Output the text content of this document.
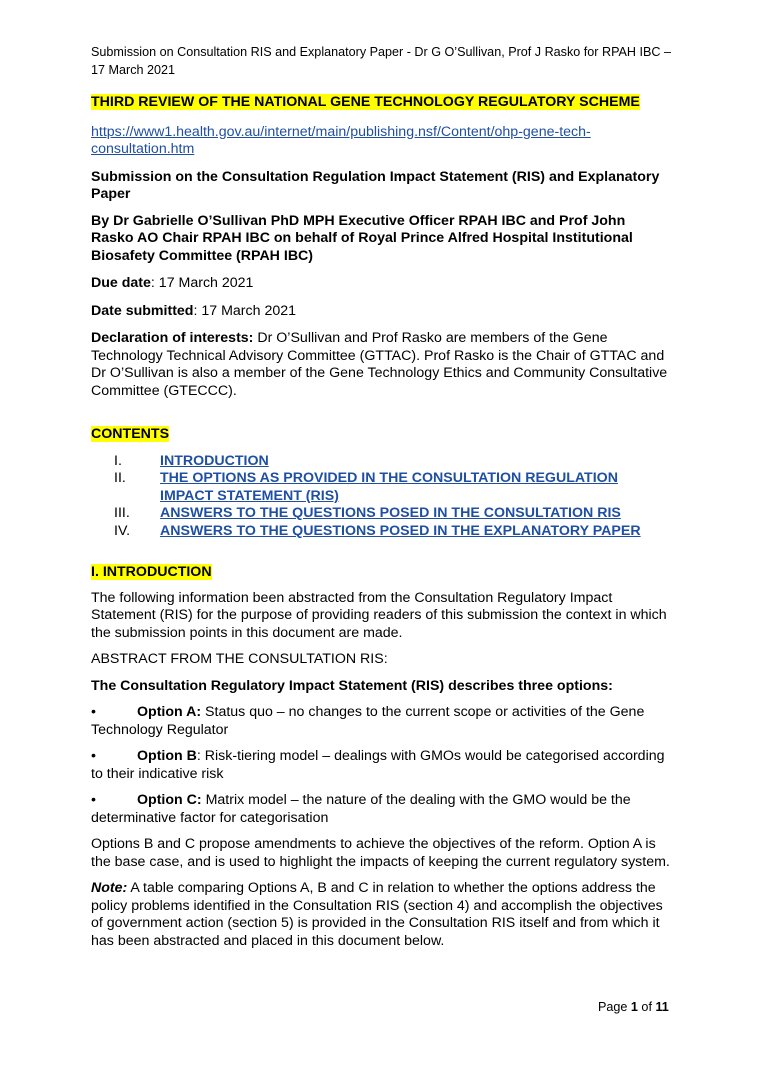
Submission on Consultation RIS and Explanatory Paper - Dr G O’Sullivan, Prof J Rasko for RPAH IBC –
17 March 2021

THIRD REVIEW OF THE NATIONAL GENE TECHNOLOGY REGULATORY SCHEME

https://www1.health.gov.au/internet/main/publishing.nsf/Content/ohp-gene-tech-
consultation.htm

Submission on the Consultation Regulation Impact Statement (RIS) and Explanatory Paper

By Dr Gabrielle O’Sullivan PhD MPH Executive Officer RPAH IBC and Prof John Rasko AO Chair RPAH IBC on behalf of Royal Prince Alfred Hospital Institutional Biosafety Committee (RPAH IBC)

Due date: 17 March 2021

Date submitted: 17 March 2021

Declaration of interests: Dr O’Sullivan and Prof Rasko are members of the Gene Technology Technical Advisory Committee (GTTAC). Prof Rasko is the Chair of GTTAC and Dr O’Sullivan is also a member of the Gene Technology Ethics and Community Consultative Committee (GTECCC).

CONTENTS

I.	INTRODUCTION
II.	THE OPTIONS AS PROVIDED IN THE CONSULTATION REGULATION
IMPACT STATEMENT (RIS)
III.	ANSWERS TO THE QUESTIONS POSED IN THE CONSULTATION RIS
IV.	ANSWERS TO THE QUESTIONS POSED IN THE EXPLANATORY PAPER

I. INTRODUCTION

The following information been abstracted from the Consultation Regulatory Impact Statement (RIS) for the purpose of providing readers of this submission the context in which the submission points in this document are made.

ABSTRACT FROM THE CONSULTATION RIS:

The Consultation Regulatory Impact Statement (RIS) describes three options:

•	Option A: Status quo – no changes to the current scope or activities of the Gene Technology Regulator

•	Option B: Risk-tiering model – dealings with GMOs would be categorised according to their indicative risk

•	Option C: Matrix model – the nature of the dealing with the GMO would be the determinative factor for categorisation

Options B and C propose amendments to achieve the objectives of the reform. Option A is the base case, and is used to highlight the impacts of keeping the current regulatory system.

Note: A table comparing Options A, B and C in relation to whether the options address the policy problems identified in the Consultation RIS (section 4) and accomplish the objectives of government action (section 5) is provided in the Consultation RIS itself and from which it has been abstracted and placed in this document below.

Page 1 of 11
